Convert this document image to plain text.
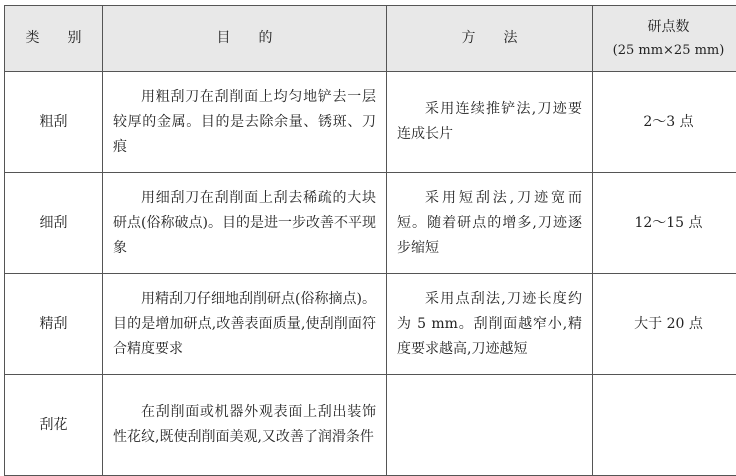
类　　别	目　　的	方　　法	研点数
(25 mm×25 mm)

粗刮	用粗刮刀在刮削面上均匀地铲去一层较厚的金属。目的是去除余量、锈斑、刀痕	采用连续推铲法,刀迹要连成长片	2～3 点
细刮	用细刮刀在刮削面上刮去稀疏的大块研点(俗称破点)。目的是进一步改善不平现象	采用短刮法,刀迹宽而短。随着研点的增多,刀迹逐步缩短	12～15 点
精刮	用精刮刀仔细地刮削研点(俗称摘点)。目的是增加研点,改善表面质量,使刮削面符合精度要求	采用点刮法,刀迹长度约为 5 mm。刮削面越窄小,精度要求越高,刀迹越短	大于 20 点
刮花	在刮削面或机器外观表面上刮出装饰性花纹,既使刮削面美观,又改善了润滑条件		
